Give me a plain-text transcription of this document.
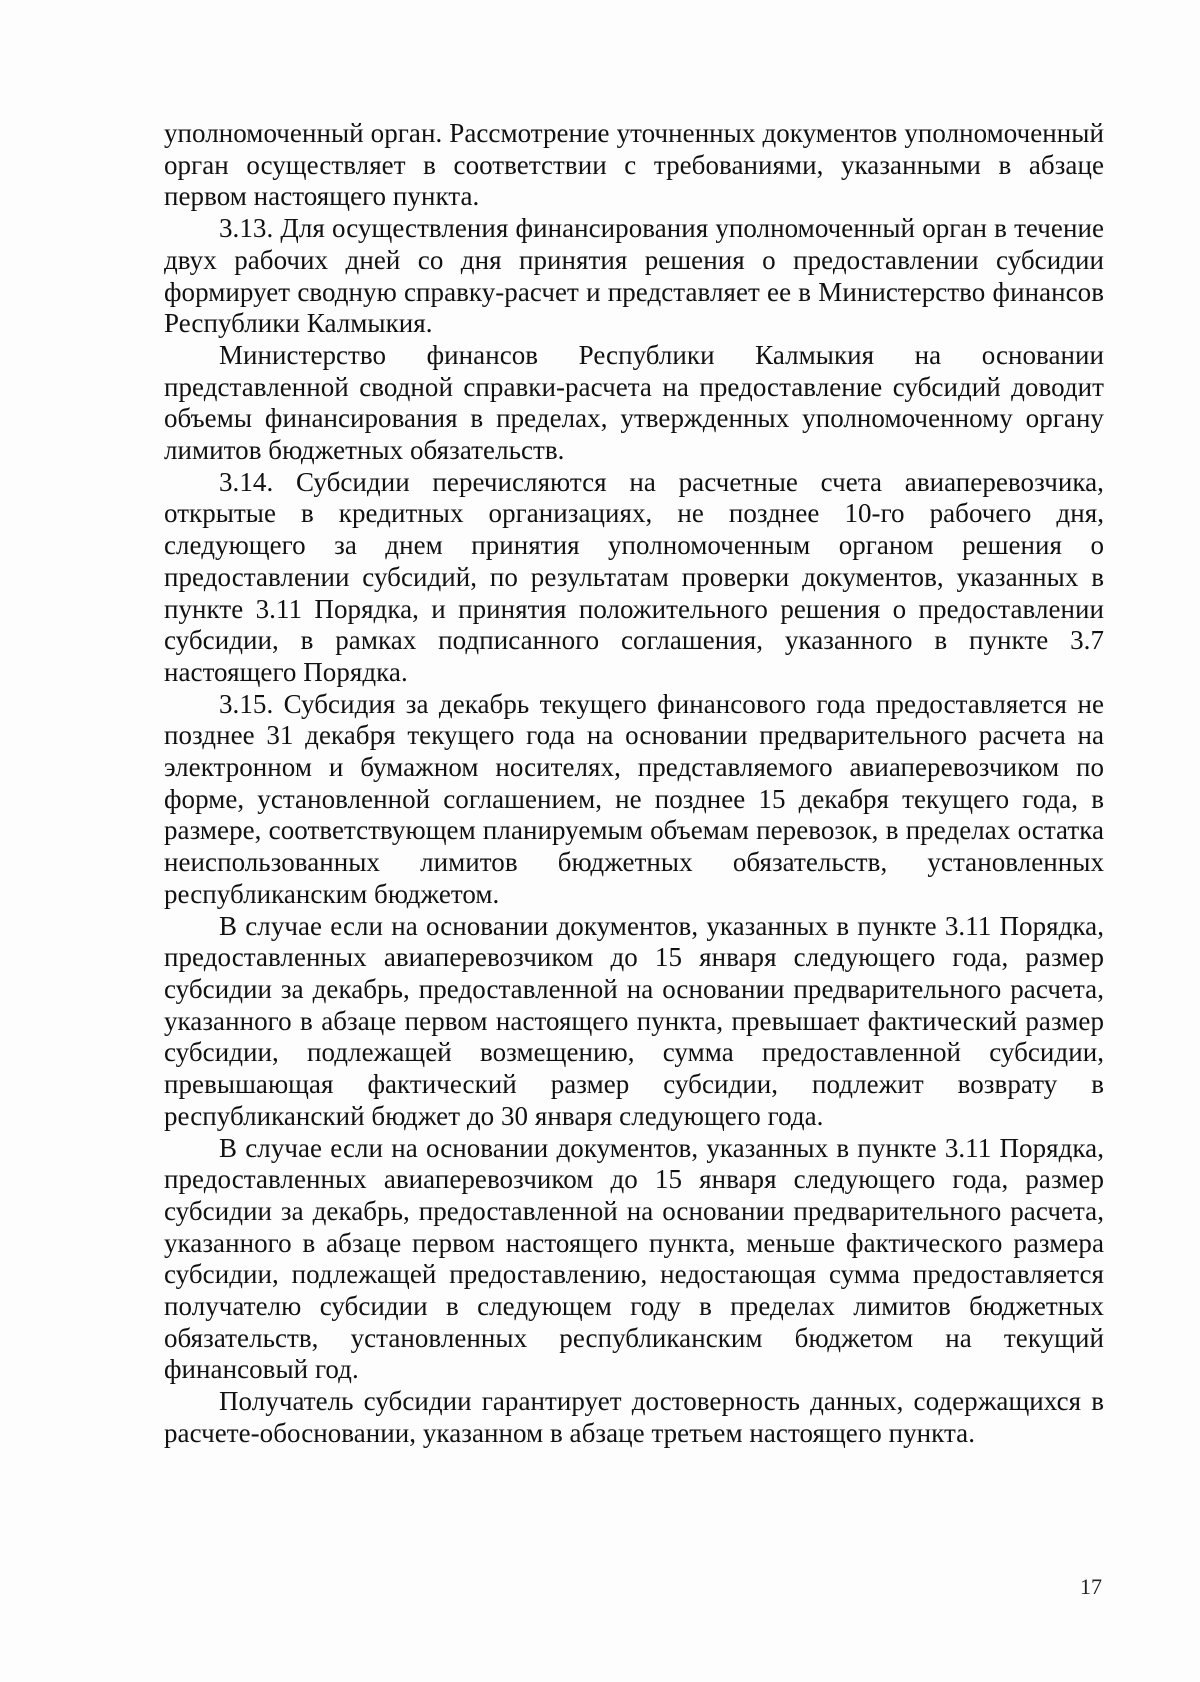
уполномоченный орган. Рассмотрение уточненных документов уполномоченный орган осуществляет в соответствии с требованиями, указанными в абзаце первом настоящего пункта.

3.13. Для осуществления финансирования уполномоченный орган в течение двух рабочих дней со дня принятия решения о предоставлении субсидии формирует сводную справку-расчет и представляет ее в Министерство финансов Республики Калмыкия.

Министерство финансов Республики Калмыкия на основании представленной сводной справки-расчета на предоставление субсидий доводит объемы финансирования в пределах, утвержденных уполномоченному органу лимитов бюджетных обязательств.

3.14. Субсидии перечисляются на расчетные счета авиаперевозчика, открытые в кредитных организациях, не позднее 10-го рабочего дня, следующего за днем принятия уполномоченным органом решения о предоставлении субсидий, по результатам проверки документов, указанных в пункте 3.11 Порядка, и принятия положительного решения о предоставлении субсидии, в рамках подписанного соглашения, указанного в пункте 3.7 настоящего Порядка.

3.15. Субсидия за декабрь текущего финансового года предоставляется не позднее 31 декабря текущего года на основании предварительного расчета на электронном и бумажном носителях, представляемого авиаперевозчиком по форме, установленной соглашением, не позднее 15 декабря текущего года, в размере, соответствующем планируемым объемам перевозок, в пределах остатка неиспользованных лимитов бюджетных обязательств, установленных республиканским бюджетом.

В случае если на основании документов, указанных в пункте 3.11 Порядка, предоставленных авиаперевозчиком до 15 января следующего года, размер субсидии за декабрь, предоставленной на основании предварительного расчета, указанного в абзаце первом настоящего пункта, превышает фактический размер субсидии, подлежащей возмещению, сумма предоставленной субсидии, превышающая фактический размер субсидии, подлежит возврату в республиканский бюджет до 30 января следующего года.

В случае если на основании документов, указанных в пункте 3.11 Порядка, предоставленных авиаперевозчиком до 15 января следующего года, размер субсидии за декабрь, предоставленной на основании предварительного расчета, указанного в абзаце первом настоящего пункта, меньше фактического размера субсидии, подлежащей предоставлению, недостающая сумма предоставляется получателю субсидии в следующем году в пределах лимитов бюджетных обязательств, установленных республиканским бюджетом на текущий финансовый год.

Получатель субсидии гарантирует достоверность данных, содержащихся в расчете-обосновании, указанном в абзаце третьем настоящего пункта.

17
